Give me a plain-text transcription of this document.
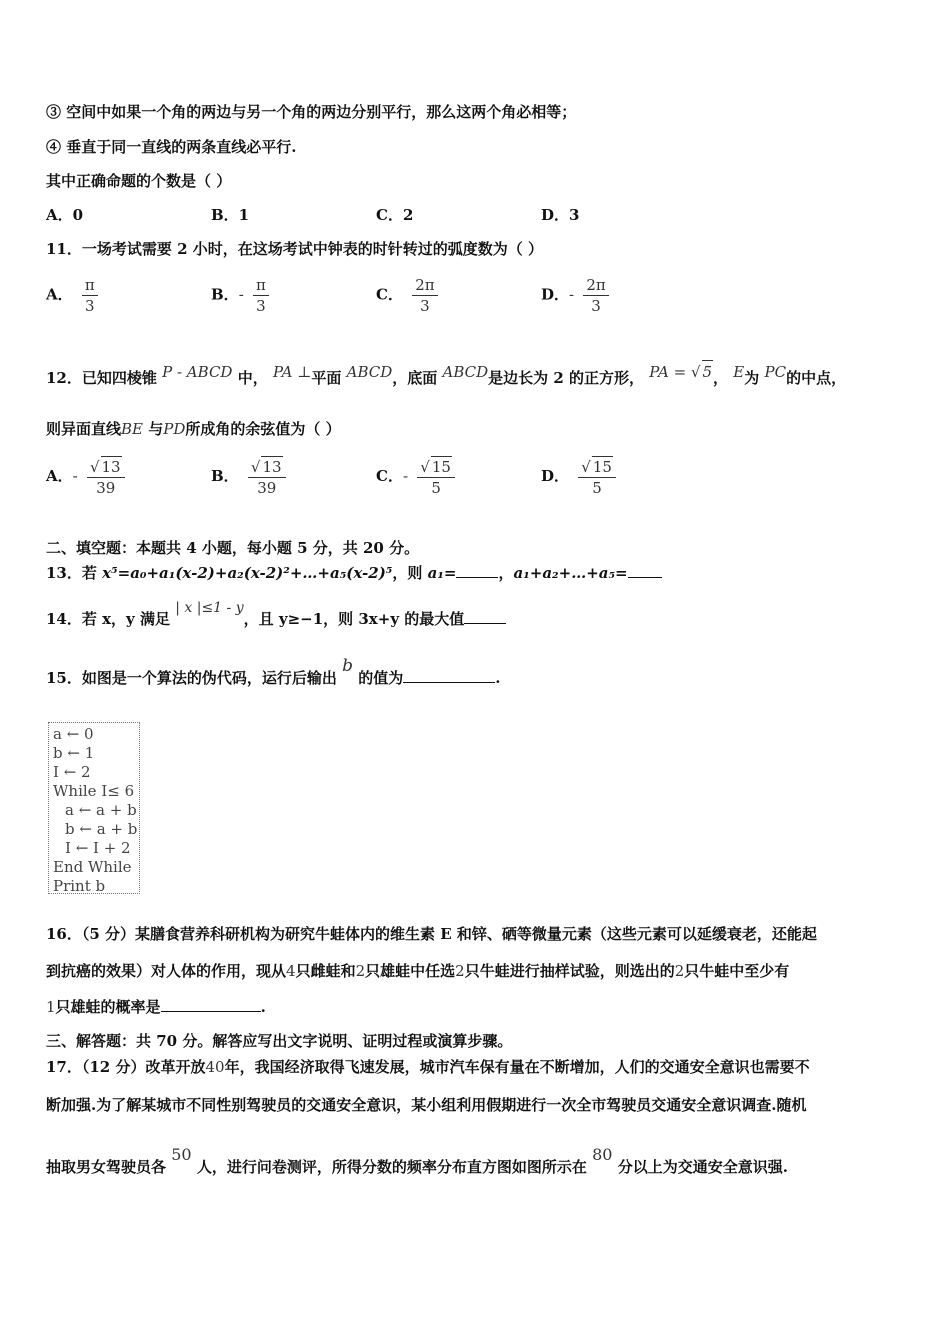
③ 空间中如果一个角的两边与另一个角的两边分别平行，那么这两个角必相等；
④ 垂直于同一直线的两条直线必平行.
其中正确命题的个数是（ ）
A．0	B．1	C．2	D．3
11．一场考试需要 2 小时，在这场考试中钟表的时针转过的弧度数为（ ）
A． $\frac{\pi}{3}$	B．- $\frac{\pi}{3}$	C． $\frac{2\pi}{3}$	D．- $\frac{2\pi}{3}$
12．已知四棱锥 P - ABCD 中， PA ⊥平面 ABCD，底面 ABCD是边长为 2 的正方形， PA = √ 5， E为 PC的中点，
则异面直线BE 与PD所成角的余弦值为（ ）
A．- $\frac{√ 13}{39}$	B． $\frac{√ 13}{39}$	C．- $\frac{√ 15}{5}$	D． $\frac{√ 15}{5}$
二、填空题：本题共 4 小题，每小题 5 分，共 20 分。
13．若 x⁵=a₀+a₁(x-2)+a₂(x-2)²+…+a₅(x-2)⁵，则 a₁=	，a₁+a₂+…+a₅=
14．若 x，y 满足 | x |≤1 - y，且 y≥−1，则 3x+y 的最大值
15．如图是一个算法的伪代码，运行后输出 b 的值为	.
a ← 0
b ← 1
I ← 2
While I≤ 6
a ← a + b
b ← a + b
I ← I + 2
End While
Print b
16．（5 分）某膳食营养科研机构为研究牛蛙体内的维生素 E 和锌、硒等微量元素（这些元素可以延缓衰老，还能起
到抗癌的效果）对人体的作用，现从4只雌蛙和2只雄蛙中任选2只牛蛙进行抽样试验，则选出的2只牛蛙中至少有
1只雄蛙的概率是	.
三、解答题：共 70 分。解答应写出文字说明、证明过程或演算步骤。
17．（12 分）改革开放40年，我国经济取得飞速发展，城市汽车保有量在不断增加，人们的交通安全意识也需要不
断加强.为了解某城市不同性别驾驶员的交通安全意识，某小组利用假期进行一次全市驾驶员交通安全意识调查.随机
抽取男女驾驶员各 50 人，进行问卷测评，所得分数的频率分布直方图如图所示在 80 分以上为交通安全意识强.
